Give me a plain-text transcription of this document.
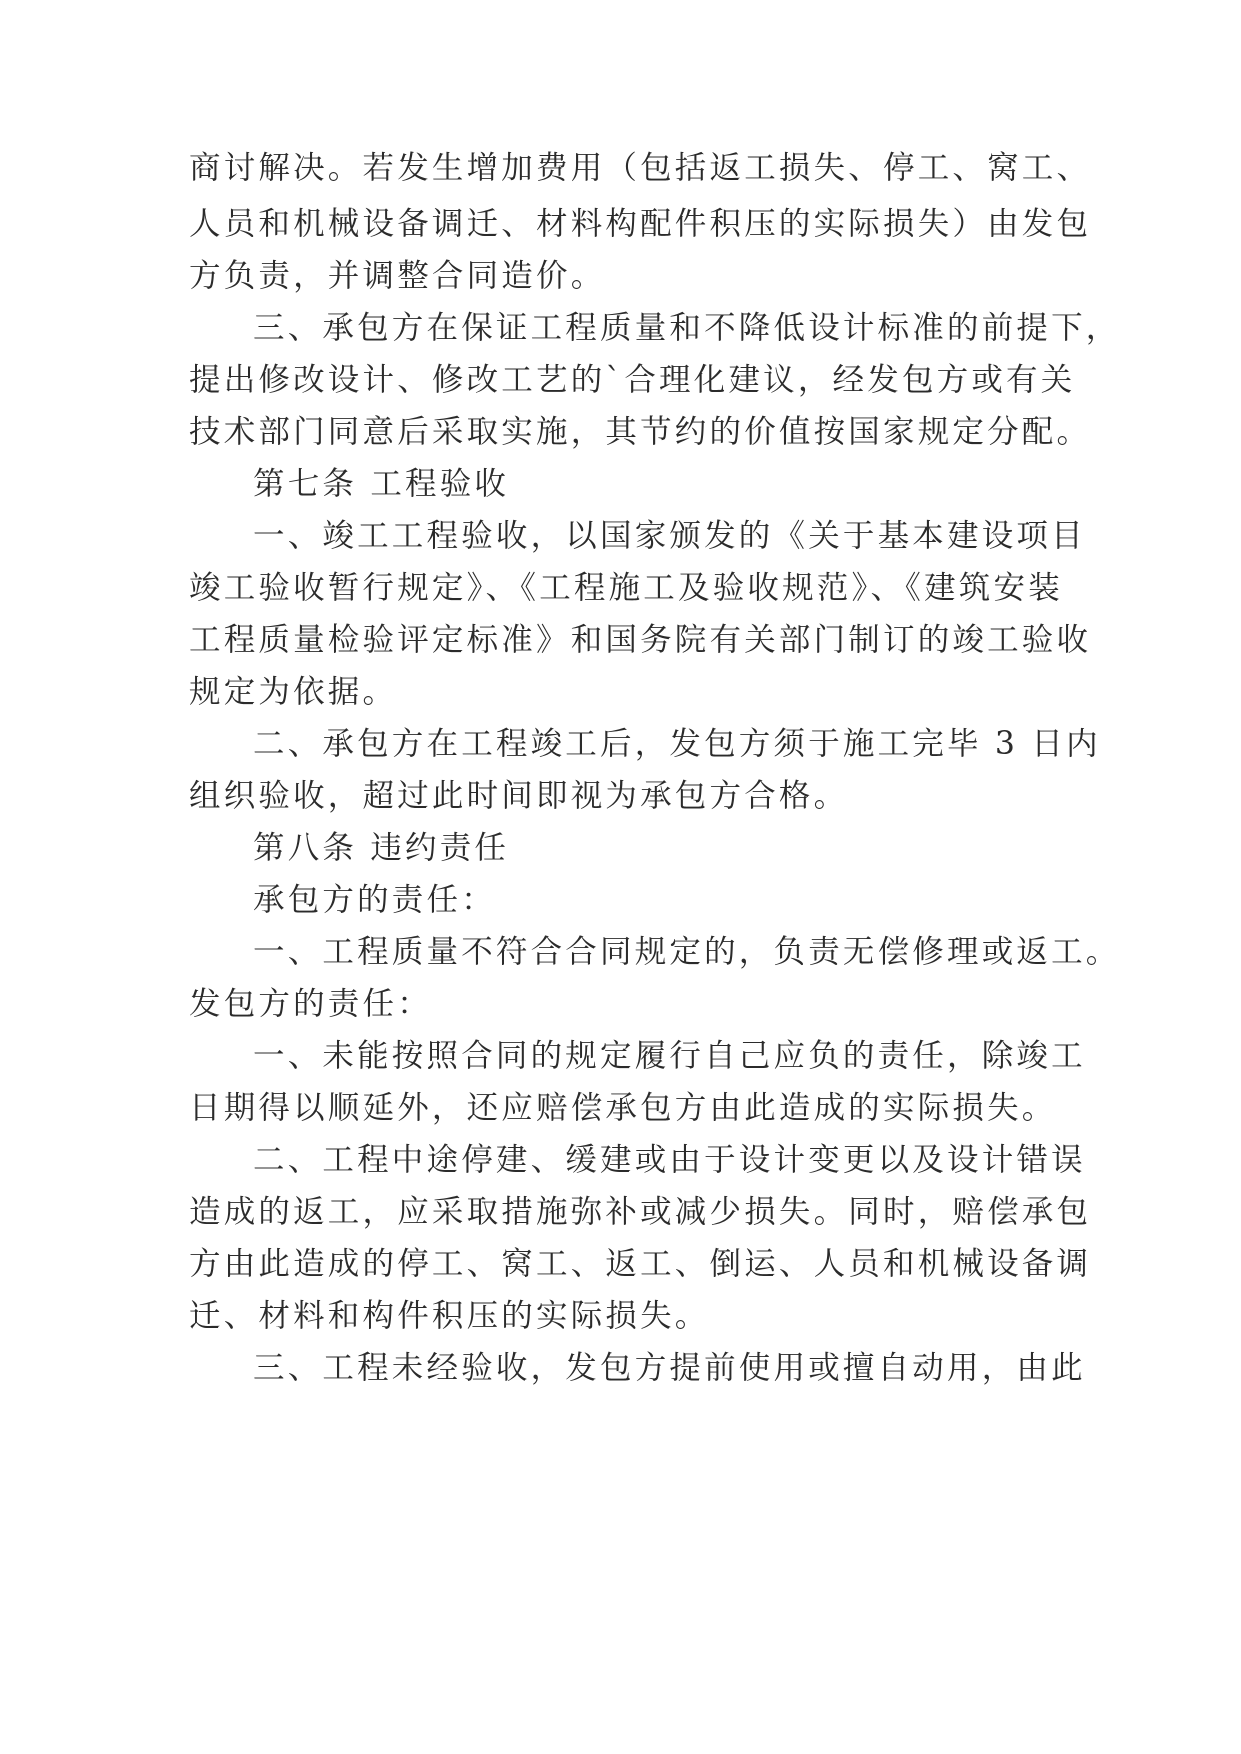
商讨解决。若发生增加费用（包括返工损失、停工、窝工、
人员和机械设备调迁、材料构配件积压的实际损失）由发包
方负责，并调整合同造价。
三、承包方在保证工程质量和不降低设计标准的前提下，
提出修改设计、修改工艺的`合理化建议，经发包方或有关
技术部门同意后采取实施，其节约的价值按国家规定分配。
第七条 工程验收
一、竣工工程验收，以国家颁发的《关于基本建设项目
竣工验收暂行规定》、《工程施工及验收规范》、《建筑安装
工程质量检验评定标准》和国务院有关部门制订的竣工验收
规定为依据。
二、承包方在工程竣工后，发包方须于施工完毕 3 日内
组织验收，超过此时间即视为承包方合格。
第八条 违约责任
承包方的责任：
一、工程质量不符合合同规定的，负责无偿修理或返工。
发包方的责任：
一、未能按照合同的规定履行自己应负的责任，除竣工
日期得以顺延外，还应赔偿承包方由此造成的实际损失。
二、工程中途停建、缓建或由于设计变更以及设计错误
造成的返工，应采取措施弥补或减少损失。同时，赔偿承包
方由此造成的停工、窝工、返工、倒运、人员和机械设备调
迁、材料和构件积压的实际损失。
三、工程未经验收，发包方提前使用或擅自动用，由此
